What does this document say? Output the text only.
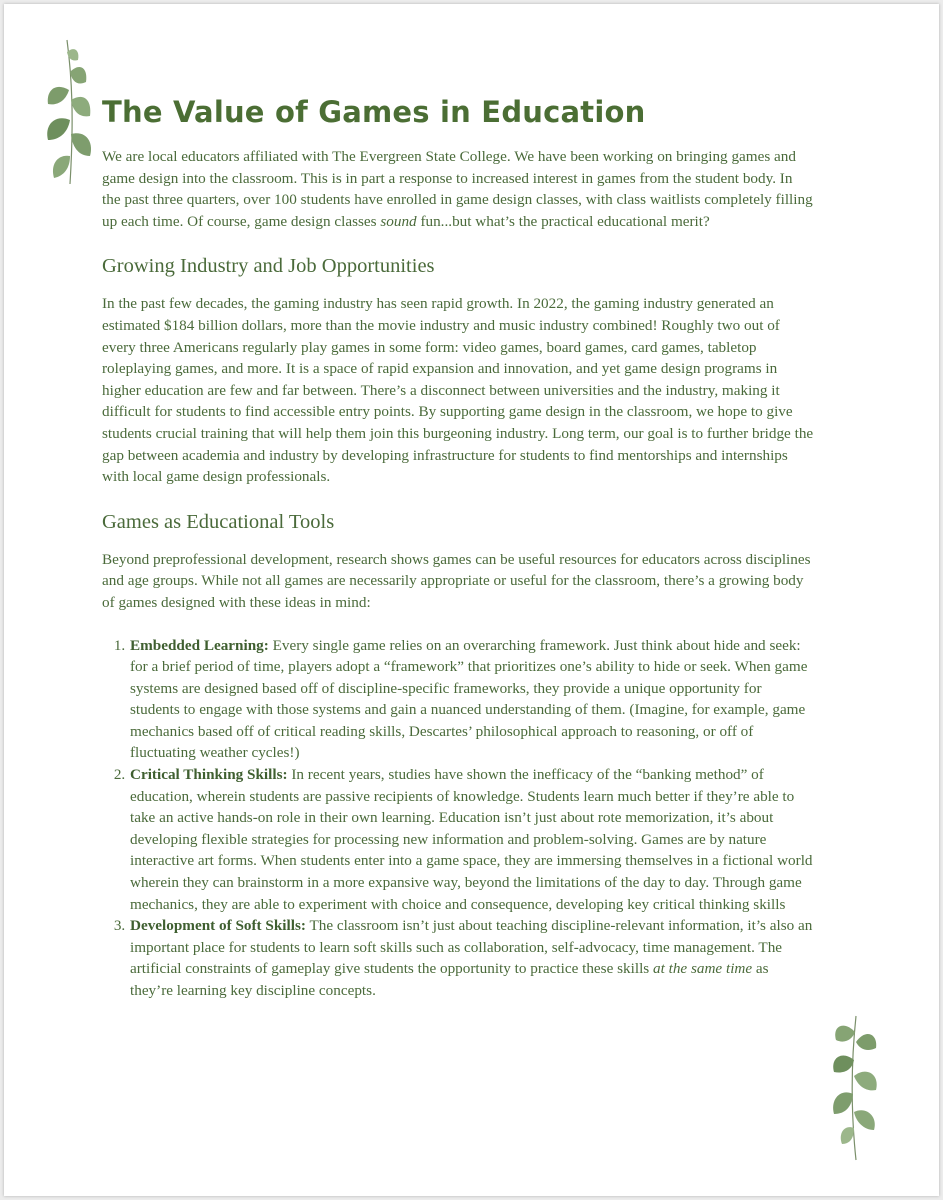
The Value of Games in Education

We are local educators affiliated with The Evergreen State College. We have been working on bringing games and game design into the classroom. This is in part a response to increased interest in games from the student body. In the past three quarters, over 100 students have enrolled in game design classes, with class waitlists completely filling up each time. Of course, game design classes sound fun...but what’s the practical educational merit?

Growing Industry and Job Opportunities

In the past few decades, the gaming industry has seen rapid growth. In 2022, the gaming industry generated an estimated $184 billion dollars, more than the movie industry and music industry combined! Roughly two out of every three Americans regularly play games in some form: video games, board games, card games, tabletop roleplaying games, and more. It is a space of rapid expansion and innovation, and yet game design programs in higher education are few and far between. There’s a disconnect between universities and the industry, making it difficult for students to find accessible entry points. By supporting game design in the classroom, we hope to give students crucial training that will help them join this burgeoning industry. Long term, our goal is to further bridge the gap between academia and industry by developing infrastructure for students to find mentorships and internships with local game design professionals.

Games as Educational Tools

Beyond preprofessional development, research shows games can be useful resources for educators across disciplines and age groups. While not all games are necessarily appropriate or useful for the classroom, there’s a growing body of games designed with these ideas in mind:

1. Embedded Learning: Every single game relies on an overarching framework. Just think about hide and seek: for a brief period of time, players adopt a “framework” that prioritizes one’s ability to hide or seek. When game systems are designed based off of discipline-specific frameworks, they provide a unique opportunity for students to engage with those systems and gain a nuanced understanding of them. (Imagine, for example, game mechanics based off of critical reading skills, Descartes’ philosophical approach to reasoning, or off of fluctuating weather cycles!)
2. Critical Thinking Skills: In recent years, studies have shown the inefficacy of the “banking method” of education, wherein students are passive recipients of knowledge. Students learn much better if they’re able to take an active hands-on role in their own learning. Education isn’t just about rote memorization, it’s about developing flexible strategies for processing new information and problem-solving. Games are by nature interactive art forms. When students enter into a game space, they are immersing themselves in a fictional world wherein they can brainstorm in a more expansive way, beyond the limitations of the day to day. Through game mechanics, they are able to experiment with choice and consequence, developing key critical thinking skills
3. Development of Soft Skills: The classroom isn’t just about teaching discipline-relevant information, it’s also an important place for students to learn soft skills such as collaboration, self-advocacy, time management. The artificial constraints of gameplay give students the opportunity to practice these skills at the same time as they’re learning key discipline concepts.
